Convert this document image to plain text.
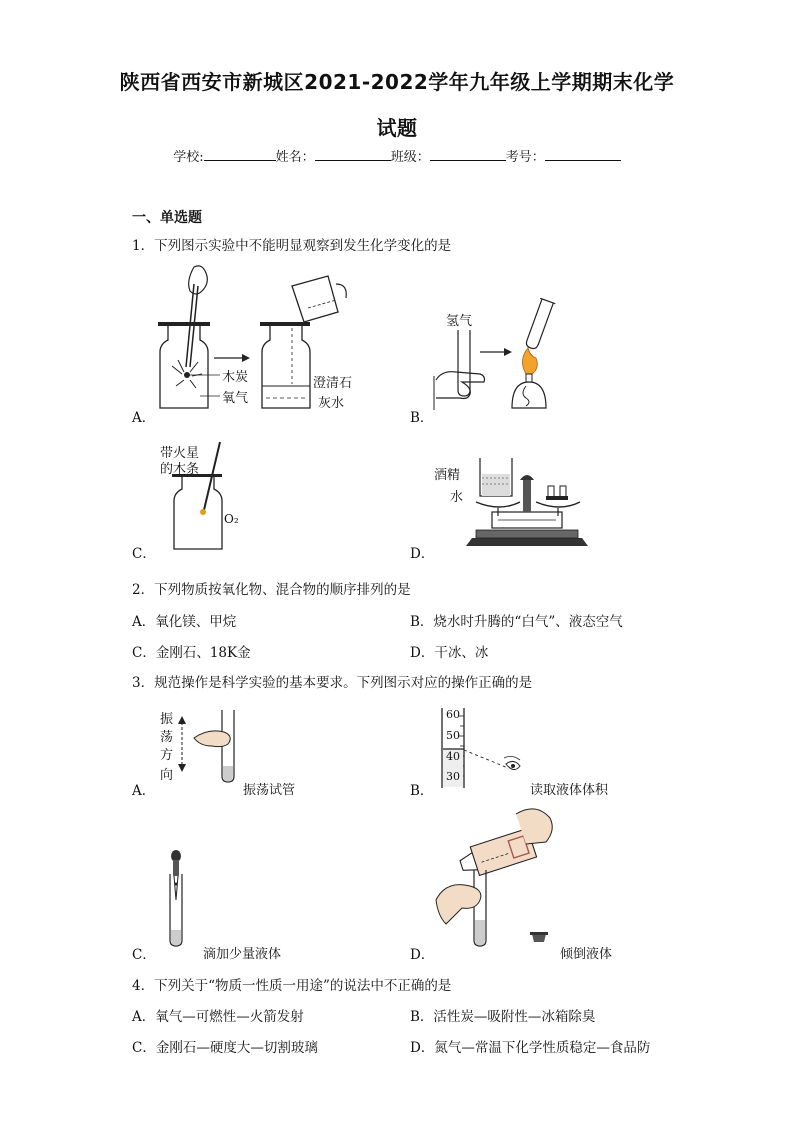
陕西省西安市新城区2021-2022学年九年级上学期期末化学
试题
学校:	姓名：	班级：	考号：
一、单选题
1．下列图示实验中不能明显观察到发生化学变化的是
木炭
氧气
澄清石
灰水
A．
氢气
B．
带火星
的木条
O₂
C．
酒精
水
D．
2．下列物质按氧化物、混合物的顺序排列的是
A．氧化镁、甲烷	B．烧水时升腾的“白气”、液态空气
C．金刚石、18K金	D．干冰、冰
3．规范操作是科学实验的基本要求。下列图示对应的操作正确的是
振
荡
方
向
振荡试管
A．
60
50
40
30
读取液体体积
B．
滴加少量液体
C．	倾倒液体
D．
4．下列关于“物质一性质一用途”的说法中不正确的是
A．氧气—可燃性—火箭发射	B．活性炭—吸附性—冰箱除臭
C．金刚石—硬度大—切割玻璃	D．氮气—常温下化学性质稳定—食品防
